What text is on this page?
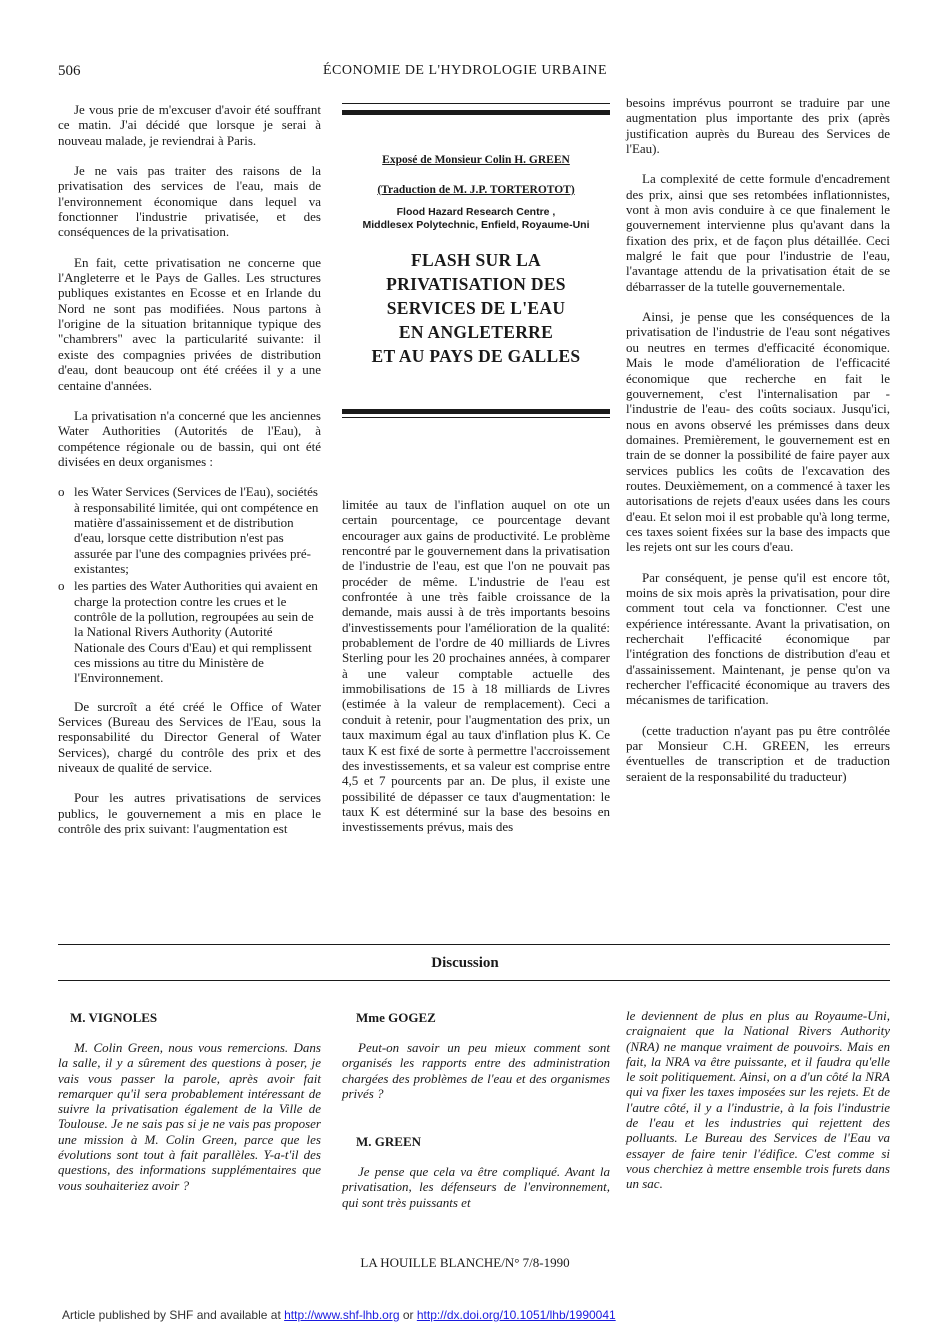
506	ÉCONOMIE DE L'HYDROLOGIE URBAINE

Je vous prie de m'excuser d'avoir été souffrant ce matin. J'ai décidé que lorsque je serai à nouveau malade, je reviendrai à Paris.

Je ne vais pas traiter des raisons de la privatisation des services de l'eau, mais de l'environnement économique dans lequel va fonctionner l'industrie privatisée, et des conséquences de la privatisation.

En fait, cette privatisation ne concerne que l'Angleterre et le Pays de Galles. Les structures publiques existantes en Ecosse et en Irlande du Nord ne sont pas modifiées. Nous partons à l'origine de la situation britannique typique des "chambrers" avec la particularité suivante: il existe des compagnies privées de distribution d'eau, dont beaucoup ont été créées il y a une centaine d'années.

La privatisation n'a concerné que les anciennes Water Authorities (Autorités de l'Eau), à compétence régionale ou de bassin, qui ont été divisées en deux organismes :

o les Water Services (Services de l'Eau), sociétés à responsabilité limitée, qui ont compétence en matière d'assainissement et de distribution d'eau, lorsque cette distribution n'est pas assurée par l'une des compagnies privées pré-existantes;
o les parties des Water Authorities qui avaient en charge la protection contre les crues et le contrôle de la pollution, regroupées au sein de la National Rivers Authority (Autorité Nationale des Cours d'Eau) et qui remplissent ces missions au titre du Ministère de l'Environnement.

De surcroît a été créé le Office of Water Services (Bureau des Services de l'Eau, sous la responsabilité du Director General of Water Services), chargé du contrôle des prix et des niveaux de qualité de service.

Pour les autres privatisations de services publics, le gouvernement a mis en place le contrôle des prix suivant: l'augmentation est

Exposé de Monsieur Colin H. GREEN
(Traduction de M. J.P. TORTEROTOT)
Flood Hazard Research Centre ,
Middlesex Polytechnic, Enfield, Royaume-Uni
FLASH SUR LA
PRIVATISATION DES
SERVICES DE L'EAU
EN ANGLETERRE
ET AU PAYS DE GALLES

limitée au taux de l'inflation auquel on ote un certain pourcentage, ce pourcentage devant encourager aux gains de productivité. Le problème rencontré par le gouvernement dans la privatisation de l'industrie de l'eau, est que l'on ne pouvait pas procéder de même. L'industrie de l'eau est confrontée à une très faible croissance de la demande, mais aussi à de très importants besoins d'investissements pour l'amélioration de la qualité: probablement de l'ordre de 40 milliards de Livres Sterling pour les 20 prochaines années, à comparer à une valeur comptable actuelle des immobilisations de 15 à 18 milliards de Livres (estimée à la valeur de remplacement). Ceci a conduit à retenir, pour l'augmentation des prix, un taux maximum égal au taux d'inflation plus K. Ce taux K est fixé de sorte à permettre l'accroissement des investissements, et sa valeur est comprise entre 4,5 et 7 pourcents par an. De plus, il existe une possibilité de dépasser ce taux d'augmentation: le taux K est déterminé sur la base des besoins en investissements prévus, mais des

besoins imprévus pourront se traduire par une augmentation plus importante des prix (après justification auprès du Bureau des Services de l'Eau).

La complexité de cette formule d'encadrement des prix, ainsi que ses retombées inflationnistes, vont à mon avis conduire à ce que finalement le gouvernement intervienne plus qu'avant dans la fixation des prix, et de façon plus détaillée. Ceci malgré le fait que pour l'industrie de l'eau, l'avantage attendu de la privatisation était de se débarrasser de la tutelle gouvernementale.

Ainsi, je pense que les conséquences de la privatisation de l'industrie de l'eau sont négatives ou neutres en termes d'efficacité économique. Mais le mode d'amélioration de l'efficacité économique que recherche en fait le gouvernement, c'est l'internalisation par -l'industrie de l'eau- des coûts sociaux. Jusqu'ici, nous en avons observé les prémisses dans deux domaines. Premièrement, le gouvernement est en train de se donner la possibilité de faire payer aux services publics les coûts de l'excavation des routes. Deuxièmement, on a commencé à taxer les autorisations de rejets d'eaux usées dans les cours d'eau. Et selon moi il est probable qu'à long terme, ces taxes soient fixées sur la base des impacts que les rejets ont sur les cours d'eau.

Par conséquent, je pense qu'il est encore tôt, moins de six mois après la privatisation, pour dire comment tout cela va fonctionner. C'est une expérience intéressante. Avant la privatisation, on recherchait l'efficacité économique par l'intégration des fonctions de distribution d'eau et d'assainissement. Maintenant, je pense qu'on va rechercher l'efficacité économique au travers des mécanismes de tarification.

(cette traduction n'ayant pas pu être contrôlée par Monsieur C.H. GREEN, les erreurs éventuelles de transcription et de traduction seraient de la responsabilité du traducteur)

Discussion
M. VIGNOLES

M. Colin Green, nous vous remercions. Dans la salle, il y a sûrement des questions à poser, je vais vous passer la parole, après avoir fait remarquer qu'il sera probablement intéressant de suivre la privatisation également de la Ville de Toulouse. Je ne sais pas si je ne vais pas proposer une mission à M. Colin Green, parce que les évolutions sont tout à fait parallèles. Y-a-t'il des questions, des informations supplémentaires que vous souhaiteriez avoir ?

Mme GOGEZ

Peut-on savoir un peu mieux comment sont organisés les rapports entre des administration chargées des problèmes de l'eau et des organismes privés ?

M. GREEN

Je pense que cela va être compliqué. Avant la privatisation, les défenseurs de l'environnement, qui sont très puissants et

le deviennent de plus en plus au Royaume-Uni, craignaient que la National Rivers Authority (NRA) ne manque vraiment de pouvoirs. Mais en fait, la NRA va être puissante, et il faudra qu'elle le soit politiquement. Ainsi, on a d'un côté la NRA qui va fixer les taxes imposées sur les rejets. Et de l'autre côté, il y a l'industrie, à la fois l'industrie de l'eau et les industries qui rejettent des polluants. Le Bureau des Services de l'Eau va essayer de faire tenir l'édifice. C'est comme si vous cherchiez à mettre ensemble trois furets dans un sac.

LA HOUILLE BLANCHE/N° 7/8-1990
Article published by SHF and available at http://www.shf-lhb.org or http://dx.doi.org/10.1051/lhb/1990041
